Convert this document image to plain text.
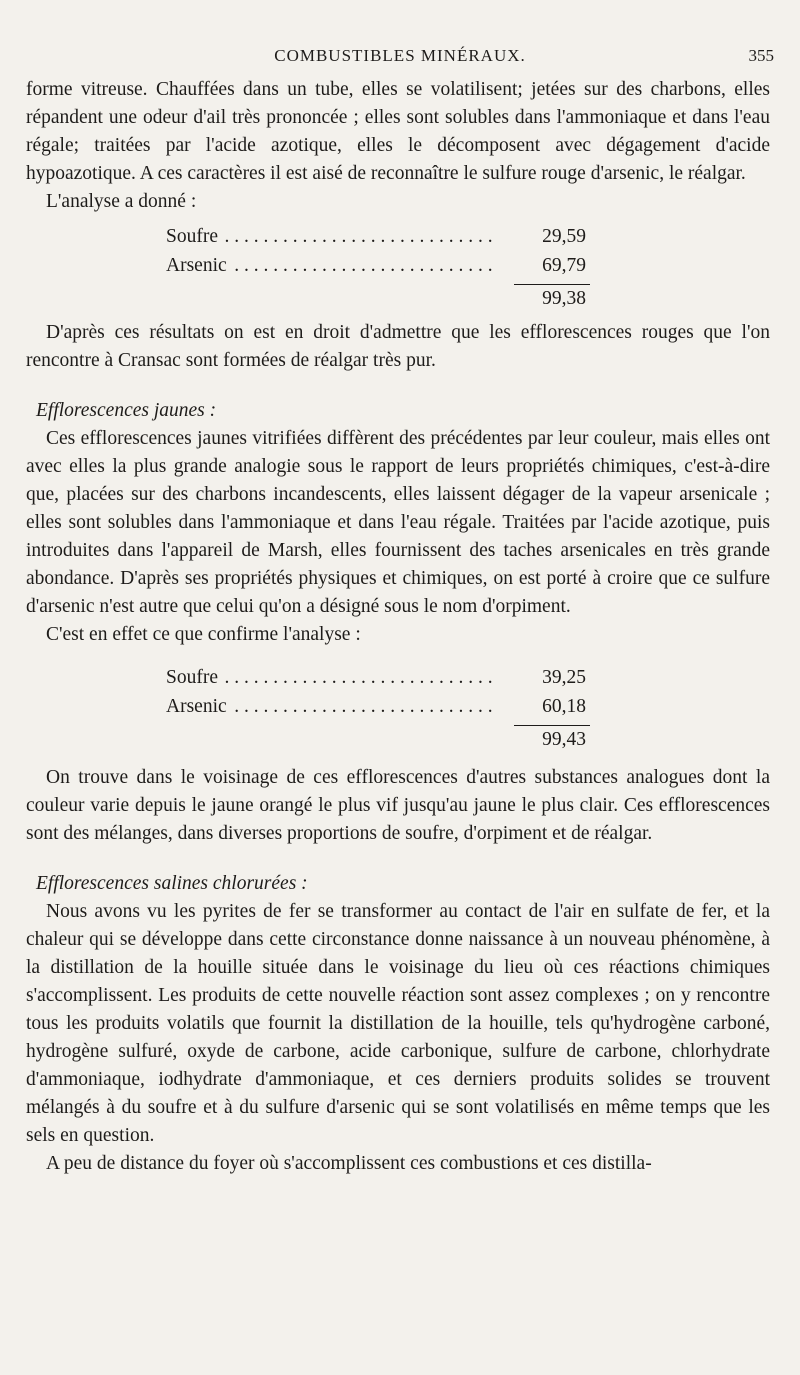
COMBUSTIBLES MINÉRAUX.	355

forme vitreuse. Chauffées dans un tube, elles se volatilisent; jetées sur des charbons, elles répandent une odeur d'ail très prononcée ; elles sont solubles dans l'ammoniaque et dans l'eau régale; traitées par l'acide azotique, elles le décomposent avec dégagement d'acide hypoazotique. A ces caractères il est aisé de reconnaître le sulfure rouge d'arsenic, le réalgar.

L'analyse a donné :

Soufre . . .	29,59
Arsenic . . .	69,79
99,38

D'après ces résultats on est en droit d'admettre que les efflorescences rouges que l'on rencontre à Cransac sont formées de réalgar très pur.

Efflorescences jaunes :

Ces efflorescences jaunes vitrifiées diffèrent des précédentes par leur couleur, mais elles ont avec elles la plus grande analogie sous le rapport de leurs propriétés chimiques, c'est-à-dire que, placées sur des charbons incandescents, elles laissent dégager de la vapeur arsenicale ; elles sont solubles dans l'ammoniaque et dans l'eau régale. Traitées par l'acide azotique, puis introduites dans l'appareil de Marsh, elles fournissent des taches arsenicales en très grande abondance. D'après ses propriétés physiques et chimiques, on est porté à croire que ce sulfure d'arsenic n'est autre que celui qu'on a désigné sous le nom d'orpiment.

C'est en effet ce que confirme l'analyse :

Soufre . . .	39,25
Arsenic . . .	60,18
99,43

On trouve dans le voisinage de ces efflorescences d'autres substances analogues dont la couleur varie depuis le jaune orangé le plus vif jusqu'au jaune le plus clair. Ces efflorescences sont des mélanges, dans diverses proportions de soufre, d'orpiment et de réalgar.

Efflorescences salines chlorurées :

Nous avons vu les pyrites de fer se transformer au contact de l'air en sulfate de fer, et la chaleur qui se développe dans cette circonstance donne naissance à un nouveau phénomène, à la distillation de la houille située dans le voisinage du lieu où ces réactions chimiques s'accomplissent. Les produits de cette nouvelle réaction sont assez complexes ; on y rencontre tous les produits volatils que fournit la distillation de la houille, tels qu'hydrogène carboné, hydrogène sulfuré, oxyde de carbone, acide carbonique, sulfure de carbone, chlorhydrate d'ammoniaque, iodhydrate d'ammoniaque, et ces derniers produits solides se trouvent mélangés à du soufre et à du sulfure d'arsenic qui se sont volatilisés en même temps que les sels en question.

A peu de distance du foyer où s'accomplissent ces combustions et ces distilla-
